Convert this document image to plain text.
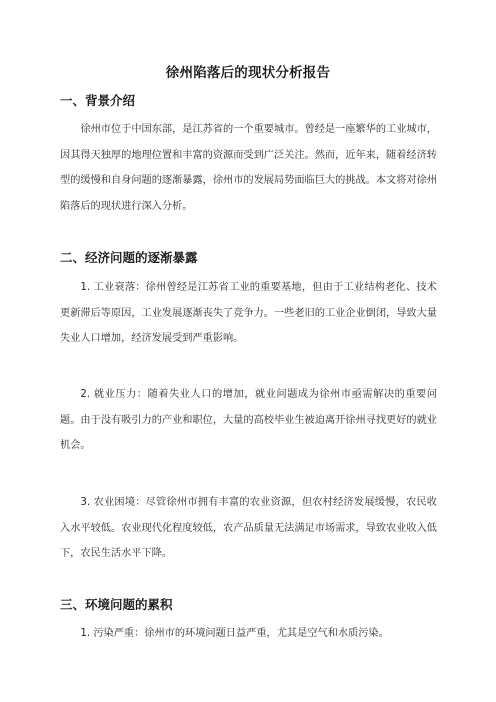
徐州陷落后的现状分析报告
一、背景介绍
徐州市位于中国东部，是江苏省的一个重要城市。曾经是一座繁华的工业城市，因其得天独厚的地理位置和丰富的资源而受到广泛关注。然而，近年来，随着经济转型的缓慢和自身问题的逐渐暴露，徐州市的发展局势面临巨大的挑战。本文将对徐州陷落后的现状进行深入分析。
二、经济问题的逐渐暴露
1. 工业衰落：徐州曾经是江苏省工业的重要基地，但由于工业结构老化、技术更新滞后等原因，工业发展逐渐丧失了竞争力。一些老旧的工业企业倒闭，导致大量失业人口增加，经济发展受到严重影响。
2. 就业压力：随着失业人口的增加，就业问题成为徐州市亟需解决的重要问题。由于没有吸引力的产业和职位，大量的高校毕业生被迫离开徐州寻找更好的就业机会。
3. 农业困境：尽管徐州市拥有丰富的农业资源，但农村经济发展缓慢，农民收入水平较低。农业现代化程度较低，农产品质量无法满足市场需求，导致农业收入低下，农民生活水平下降。
三、环境问题的累积
1. 污染严重：徐州市的环境问题日益严重，尤其是空气和水质污染。
